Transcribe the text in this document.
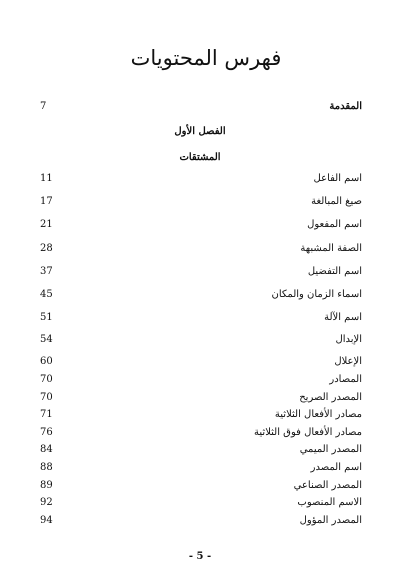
فهرس المحتويات
المقدمة
7
الفصل الأول
المشتقات
اسم الفاعل
11
صيغ المبالغة
17
اسم المفعول
21
الصفة المشبهة
28
اسم التفضيل
37
اسماء الزمان والمكان
45
اسم الآلة
51
الإبدال
54
الإعلال
60
المصادر
70
المصدر الصريح
70
مصادر الأفعال الثلاثية
71
مصادر الأفعال فوق الثلاثية
76
المصدر الميمي
84
اسم المصدر
88
المصدر الصناعي
89
الاسم المنصوب
92
المصدر المؤول
94
- 5 -
